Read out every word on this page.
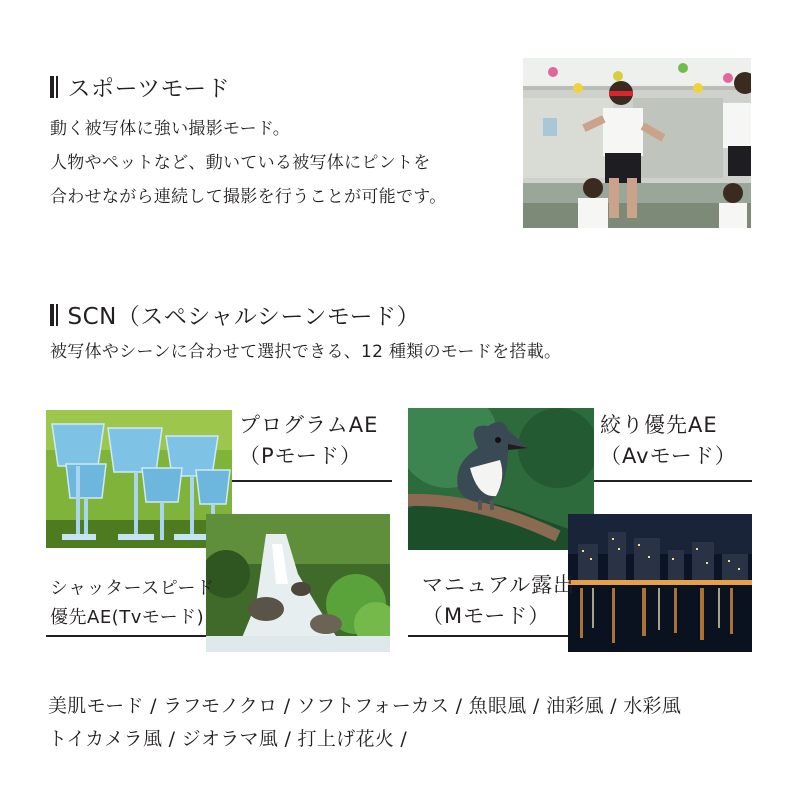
スポーツモード
動く被写体に強い撮影モード。
人物やペットなど、動いている被写体にピントを
合わせながら連続して撮影を行うことが可能です。
SCN（スペシャルシーンモード）
被写体やシーンに合わせて選択できる、12 種類のモードを搭載。
プログラムAE
（Pモード）
シャッタースピード
優先AE(Tvモード)
絞り優先AE
（Avモード）
マニュアル露出
（Mモード）
美肌モード / ラフモノクロ / ソフトフォーカス / 魚眼風 / 油彩風 / 水彩風
トイカメラ風 / ジオラマ風 / 打上げ花火 /
